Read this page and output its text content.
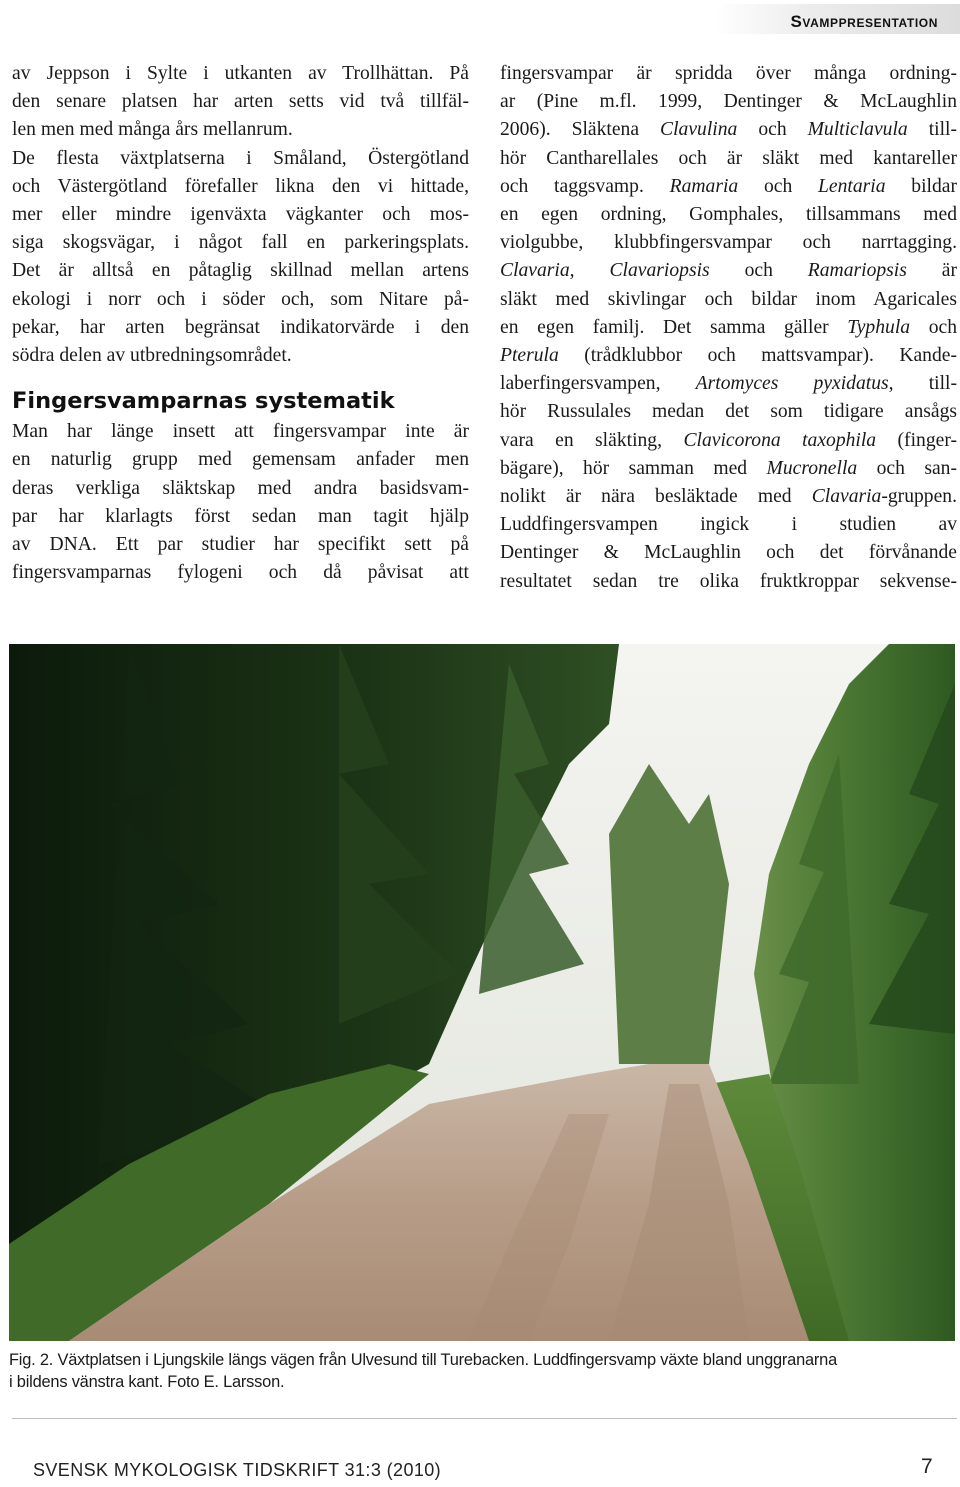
Svamppresentation

av Jeppson i Sylte i utkanten av Trollhättan. På
den senare platsen har arten setts vid två tillfäl-
len men med många års mellanrum.
De flesta växtplatserna i Småland, Östergötland
och Västergötland förefaller likna den vi hittade,
mer eller mindre igenväxta vägkanter och mos-
siga skogsvägar, i något fall en parkeringsplats.
Det är alltså en påtaglig skillnad mellan artens
ekologi i norr och i söder och, som Nitare på-
pekar, har arten begränsat indikatorvärde i den
södra delen av utbredningsområdet.

Fingersvamparnas systematik

Man har länge insett att fingersvampar inte är
en naturlig grupp med gemensam anfader men
deras verkliga släktskap med andra basidsvam-
par har klarlagts först sedan man tagit hjälp
av DNA. Ett par studier har specifikt sett på
fingersvamparnas fylogeni och då påvisat att

fingersvampar är spridda över många ordning-
ar (Pine m.fl. 1999, Dentinger & McLaughlin
2006). Släktena Clavulina och Multiclavula till-
hör Cantharellales och är släkt med kantareller
och taggsvamp. Ramaria och Lentaria bildar
en egen ordning, Gomphales, tillsammans med
violgubbe, klubbfingersvampar och narrtagging.
Clavaria, Clavariopsis och Ramariopsis är
släkt med skivlingar och bildar inom Agaricales
en egen familj. Det samma gäller Typhula och
Pterula (trådklubbor och mattsvampar). Kande-
laberfingersvampen, Artomyces pyxidatus, till-
hör Russulales medan det som tidigare ansågs
vara en släkting, Clavicorona taxophila (finger-
bägare), hör samman med Mucronella och san-
nolikt är nära besläktade med Clavaria-gruppen.
Luddfingersvampen ingick i studien av
Dentinger & McLaughlin och det förvånande
resultatet sedan tre olika fruktkroppar sekvense-

Fig. 2. Växtplatsen i Ljungskile längs vägen från Ulvesund till Turebacken. Luddfingersvamp växte bland unggranarna
i bildens vänstra kant. Foto E. Larsson.
SVENSK MYKOLOGISK TIDSKRIFT 31:3 (2010)	7
